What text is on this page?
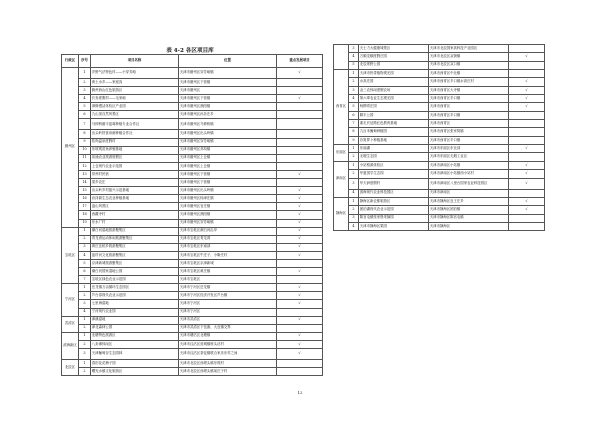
表 4-2 各区项目库
行政区	序号	项目名称	位置	重点发展项目
蓟州区	1	乡野气法特色村——小穿芳峪	天津市蓟州区穿芳峪镇	√
	2	黄土水乡——家庭沟	天津市蓟州区下营镇	
	3	蓟州西山红色旅游区	天津市蓟州区	
	4	长寿度假村——毛家峪	天津市蓟州区下营镇	√
	5	禅修慢活体验区产业园	天津市蓟州区渔阳镇	
	6	九山顶自然风景区	天津市蓟州区孙各庄乡	
	7	马伸桥蓟丰蓝莓种植专业合作社	天津市蓟州区马伸桥镇	
	8	出头岭铁食用菌种植合作社	天津市蓟州区出头岭镇	
	9	桂尚温泉度假村	天津市蓟州区穿芳峪镇	
	10	东坡观赏鱼养殖基地	天津市蓟州区邦均镇	
	11	泉涌农业旅游度假区	天津市蓟州区上仓镇	
	12	上仓现代农业示范园	天津市蓟州区上仓镇	
	13	常州村民宿	天津市蓟州区下营镇	√
	14	果乡农庄	天津市蓟州区下营镇	
	15	出头岭乡村振兴示范基地	天津市蓟州区出头岭镇	√
	16	岩泽源生态农业种植基地	天津市蓟州区杨津庄镇	√
	17	盘山风景区	天津市蓟州区官庄镇	√
	18	西藏寺村	天津市蓟州区渔阳镇	√
	19	东水厂村	天津市蓟州区穿芳峪镇	√
宝坻区	1	潮白河湿地旅游聚集区	天津市宝坻区潮白河沿岸	√
	2	青龙湾运动休闲旅游聚集区	天津市宝坻区青龙湾	√
	3	黄庄洼稻乡旅游聚集区	天津市宝坻区东南部	√
	4	蓝村河文化旅游聚集区	天津市宝坻区牛庄子、小靳庄村	√
	5	京津新城旅游聚集区	天津市宝坻区京津新城	
	6	潮白河国家湿地公园	天津市宝坻区黄庄镇	√
	7	宝坻区绿色农业示范园	天津市宝坻区	
宁河区	1	岳龙镇万亩循环生态园区	天津市宁河区岳龙镇	√
	2	芦台春现代农业示范园	天津市宁河区经济开发区芦台镇	√
	3	七里海湿地	天津市宁河区	√
	4	宁河现代农业园	天津市宁河区	
武清区	1	津溪湿地	天津市武清区	√
	2	津北森林公园	天津市武清区下伍旗、大良镇交界	
滨海新区	1	北塘特色旅游区	天津市塘沽区北塘镇	√
	2	八卦滩休闲区	天津市汉沽区营城镇桥头沽村	√
	3	天津葡萄谷生态园林	天津市汉沽区茶淀镇联合家乐东村之间	√
北辰区	1	春田花花梅子园	天津市北辰区西堤头镇东堤村	
	2	曙光水镇文化旅游区	天津市北辰区西堤头镇前庄子村	
	3	天士力大健康城景区	天津市北辰国家高科技产业园区	
	4	万顺龙顺度假庄园	天津市北辰区双街镇	√
	5	北辰郊野公园	天津市北辰区双口镇	
西青区	1	天津市热带植物观光园	天津市西青区中北镇	
	2	水高庄园	天津市西青区辛口镇水高庄村	√
	3	金三农休闲度假农场	天津市西青区大寺镇	√
	4	第六埠农业生态观光园	天津市西青区辛口镇	√
	5	杨柳青庄园	天津市西青区	√
	6	精丰公园	天津市西青区辛口镇	
	7	重走长征路红色教育基地	天津市西青区	
	8	九百禾葡萄种植园	天津市西青区张家窝镇	
	9	沙窝萝卜种植基地	天津市西青区辛口镇	
东丽区	1	东丽湖	天津市东丽区东北部	√
	2	无瑕生态园	天津市东丽区无瑕工业区	
津南区	1	小站稻源体验区	天津市津南区小站镇	√
	2	华夏国学生态园	天津市津南区小站镇西小站村	√
	3	华天润度假村	天津市津南区八里台国家农业科技园区	√
	4	滨海现代农业科技园区	天津市津南区	
静海区	1	静海区新农都旅游区	天津市静海区良王庄乡	√
	2	团泊湖现代农业示范园	天津市静海区团泊镇	√
	3	陈官屯镇张家堡采摘园	天津市静海区陈官屯镇	
	4	天津市静海区果园	天津市静海区	
12
